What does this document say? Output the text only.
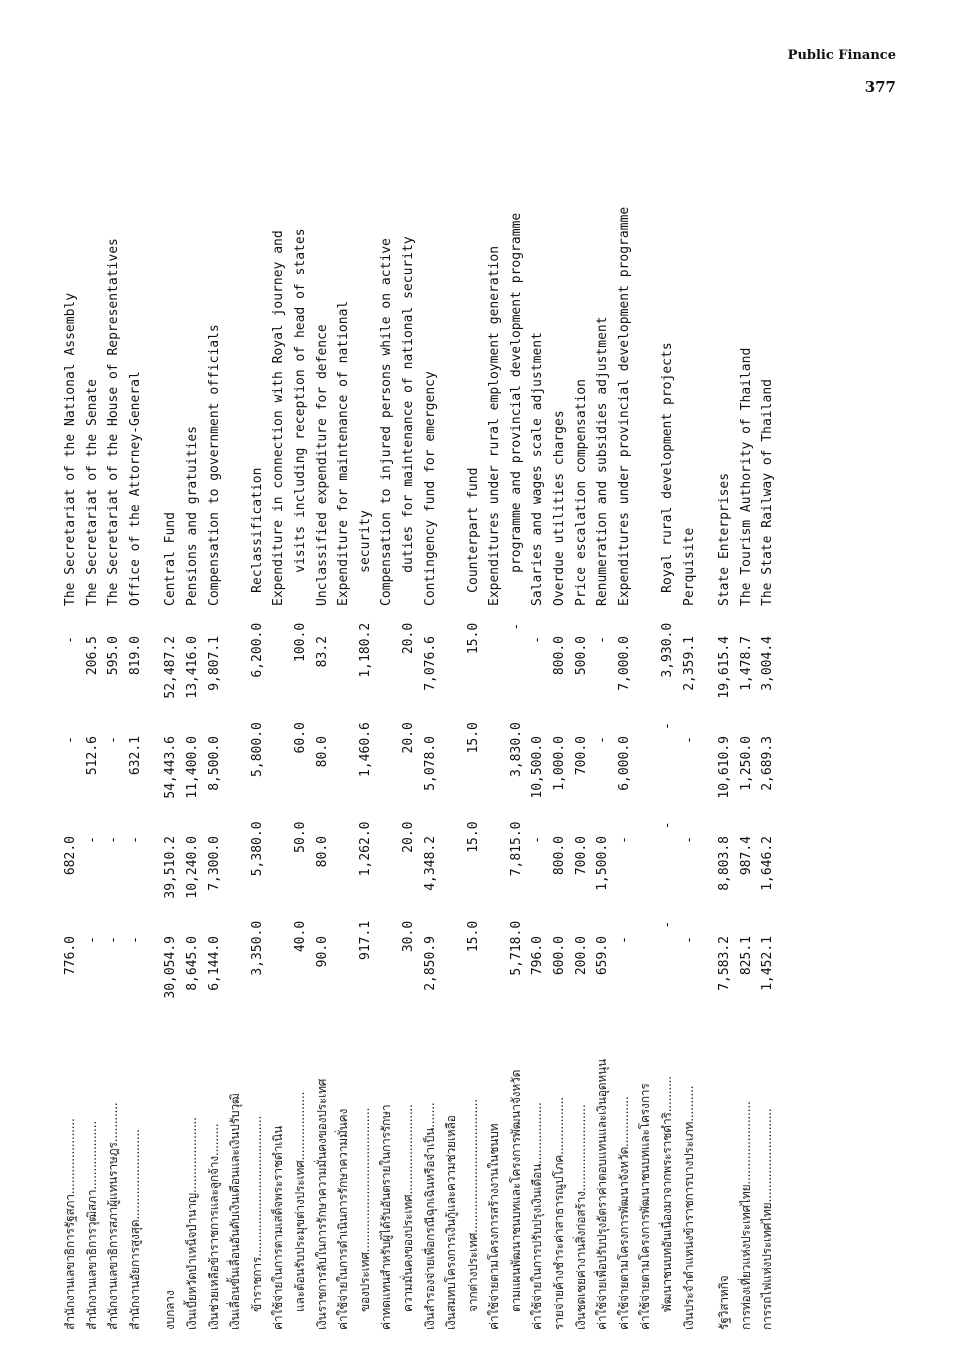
Public Finance
377
สำนักงานเลขาธิการรัฐสภา.....................
776.0
682.0
-
-
The Secretariat of the National Assembly
สำนักงานเลขาธิการวุฒิสภา...................
-
-
512.6
206.5
The Secretariat of the Senate
สำนักงานเลขาธิการสภาผู้แทนราษฎร...........
-
-
-
595.0
The Secretariat of the House of Representatives
สำนักงานอัยการสูงสุด.........................
-
-
632.1
819.0
Office of the Attorney-General
งบกลาง
30,054.9
39,510.2
54,443.6
52,487.2
Central Fund
เงินเบี้ยหวัดบำเหน็จบำนาญ.....................
8,645.0
10,240.0
11,400.0
13,416.0
Pensions and gratuities
เงินช่วยเหลือข้าราชการและลูกจ้าง.........
6,144.0
7,300.0
8,500.0
9,807.1
Compensation to government officials
เงินเลื่อนขั้นเลื่อนอันดับเงินเดือนและเงินปรับวุฒิ ข้าราชการ.......................................
3,350.0
5,380.0
5,800.0
6,200.0
Reclassification
ค่าใช้จ่ายในการตามเสด็จพระราชดำเนิน
Expenditure in connection with Royal journey and
และต้อนรับประมุขต่างประเทศ...................
40.0
50.0
60.0
100.0
visits including reception of head of states
เงินราชการลับในการรักษาความมั่นคงของประเทศ
90.0
80.0
80.0
83.2
Unclassified expenditure for defence
ค่าใช้จ่ายในการดำเนินการรักษาความมั่นคง
Expenditure for maintenance of national
ของประเทศ........................................
917.1
1,262.0
1,460.6
1,180.2
security
ค่าทดแทนสำหรับผู้ได้รับอันตรายในการรักษา
Compensation to injured persons while on active
ความมั่นคงของประเทศ.........................
30.0
20.0
20.0
20.0
duties for maintenance of national security
เงินสำรองจ่ายเพื่อกรณีฉุกเฉินหรือจำเป็น.......
2,850.9
4,348.2
5,078.0
7,076.6
Contingency fund for emergency
เงินสมทบโครงการเงินกู้และความช่วยเหลือ จากต่างประเทศ.....................................
15.0
15.0
15.0
15.0
Counterpart fund
ค่าใช้จ่ายตามโครงการสร้างงานในชนบท
Expenditures under rural employment generation
ตามแผนพัฒนาชนบทและโครงการพัฒนาจังหวัด
5,718.0
7,815.0
3,830.0
-
programme and provincial development programme
ค่าใช้จ่ายในการปรับปรุงเงินเดือน.................
796.0
-
10,500.0
-
Salaries and wages scale adjustment
รายจ่ายค้างชำระค่าสาธารณูปโภค................
600.0
800.0
1,000.0
800.0
Overdue utilities charges
เงินชดเชยค่างานสิ่งก่อสร้าง........................
200.0
700.0
700.0
500.0
Price escalation compensation
ค่าใช้จ่ายเพื่อปรับปรุงอัตราค่าตอบแทนและเงินอุดหนุน
659.0
1,500.0
-
-
Renumeration and subsidies adjustment
ค่าใช้จ่ายตามโครงการพัฒนาจังหวัด..............
-
-
6,000.0
7,000.0
Expenditures under provincial development programme
ค่าใช้จ่ายตามโครงการพัฒนาชนบทและโครงการ พัฒนาชนบทอันเนื่องมาจากพระราชดำริ..........
-
-
-
3,930.0
Royal rural development projects
เงินประจำตำแหน่งข้าราชการบางประเภท..........
-
-
-
2,359.1
Perquisite
รัฐวิสาหกิจ
7,583.2
8,803.8
10,610.9
19,615.4
State Enterprises
การท่องเที่ยวแห่งประเทศไทย.......................
825.1
987.4
1,250.0
1,478.7
The Tourism Authority of Thailand
การรถไฟแห่งประเทศไทย..........................
1,452.1
1,646.2
2,689.3
3,004.4
The State Railway of Thailand
